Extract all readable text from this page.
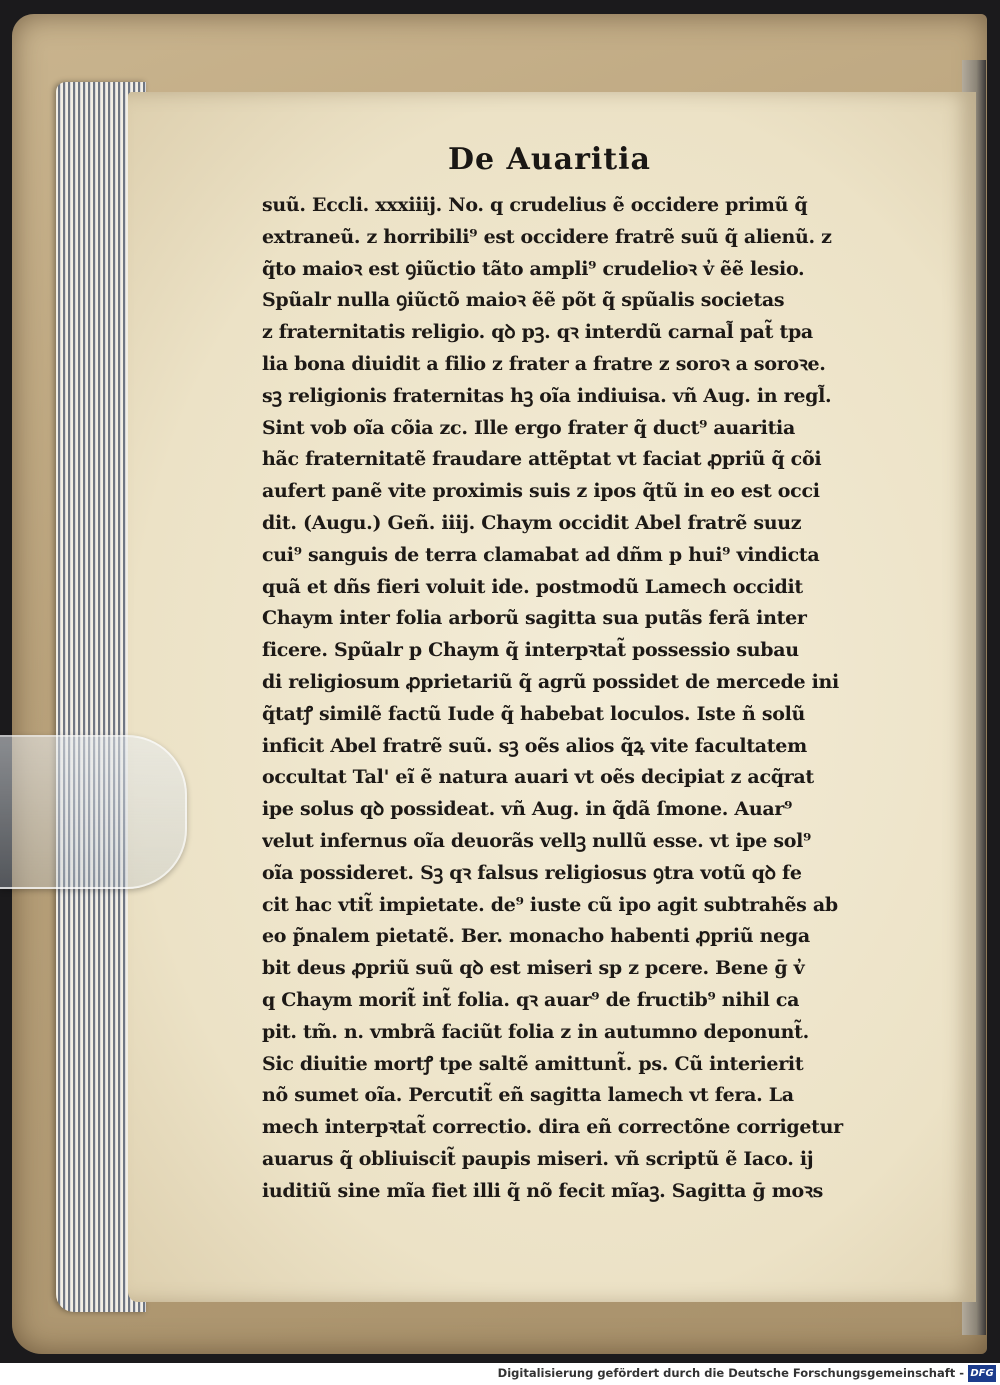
De Auaritia
suũ. Eccli. xxxiiij. No. q crudelius ẽ occidere primũ q̃
extraneũ. z horribili⁹ est occidere fratrẽ suũ q̃ alienũ. z
q̃to maioꝛ est ꝯiũctio tãto ampli⁹ crudelioꝛ v̓ ẽẽ lesio.
Spũalr nulla ꝯiũctõ maioꝛ ẽẽ põt q̃ spũalis societas
z fraternitatis religio. qꝺ pꝫ. qꝛ interdũ carnal̃ pat̃ tpa
lia bona diuidit a filio z frater a fratre z soroꝛ a soroꝛe.
sꝫ religionis fraternitas hꝫ oĩa indiuisa. vñ Aug. in regl̃.
Sint vob oĩa cõia zc. Ille ergo frater q̃ duct⁹ auaritia
hãc fraternitatẽ fraudare attẽptat vt faciat ꝓpriũ q̃ cõi
aufert panẽ vite proximis suis z ipos q̃tũ in eo est occi
dit. (Augu.) Geñ. iiij. Chaym occidit Abel fratrẽ suuz
cui⁹ sanguis de terra clamabat ad dñm p hui⁹ vindicta
quã et dñs fieri voluit ide. postmodũ Lamech occidit
Chaym inter folia arborũ sagitta sua putãs ferã inter
ficere. Spũalr p Chaym q̃ interpꝛtat̃ possessio subau
di religiosum ꝓprietariũ q̃ agrũ possidet de mercede ini
q̃tatꝭ similẽ factũ Iude q̃ habebat loculos. Iste ñ solũ
inficit Abel fratrẽ suũ. sꝫ oẽs alios q̃ꝝ vite facultatem
occultat Tal' eĩ ẽ natura auari vt oẽs decipiat z acq̃rat
ipe solus qꝺ possideat. vñ Aug. in q̃dã ſmone. Auar⁹
velut infernus oĩa deuorãs vellꝫ nullũ esse. vt ipe sol⁹
oĩa possideret. Sꝫ qꝛ falsus religiosus ꝯtra votũ qꝺ fe
cit hac vtit̃ impietate. de⁹ iuste cũ ipo agit subtrahẽs ab
eo p̃nalem pietatẽ. Ber. monacho habenti ꝓpriũ nega
bit deus ꝓpriũ suũ qꝺ est miseri sp z pcere. Bene ḡ v̓
q Chaym morit̃ int̃ folia. qꝛ auar⁹ de fructib⁹ nihil ca
pit. tm̃. n. vmbrã faciũt folia z in autumno deponunt̃.
Sic diuitie mortꝭ tpe saltẽ amittunt̃. ps. Cũ interierit
nõ sumet oĩa. Percutit̃ eñ sagitta lamech vt fera. La
mech interpꝛtat̃ correctio. dira eñ correctõne corrigetur
auarus q̃ obliuiscit̃ paupis miseri. vñ scriptũ ẽ Iaco. ij
iuditiũ sine mĩa fiet illi q̃ nõ fecit mĩaꝫ. Sagitta ḡ moꝛs
Digitalisierung gefördert durch die Deutsche Forschungsgemeinschaft - DFG
